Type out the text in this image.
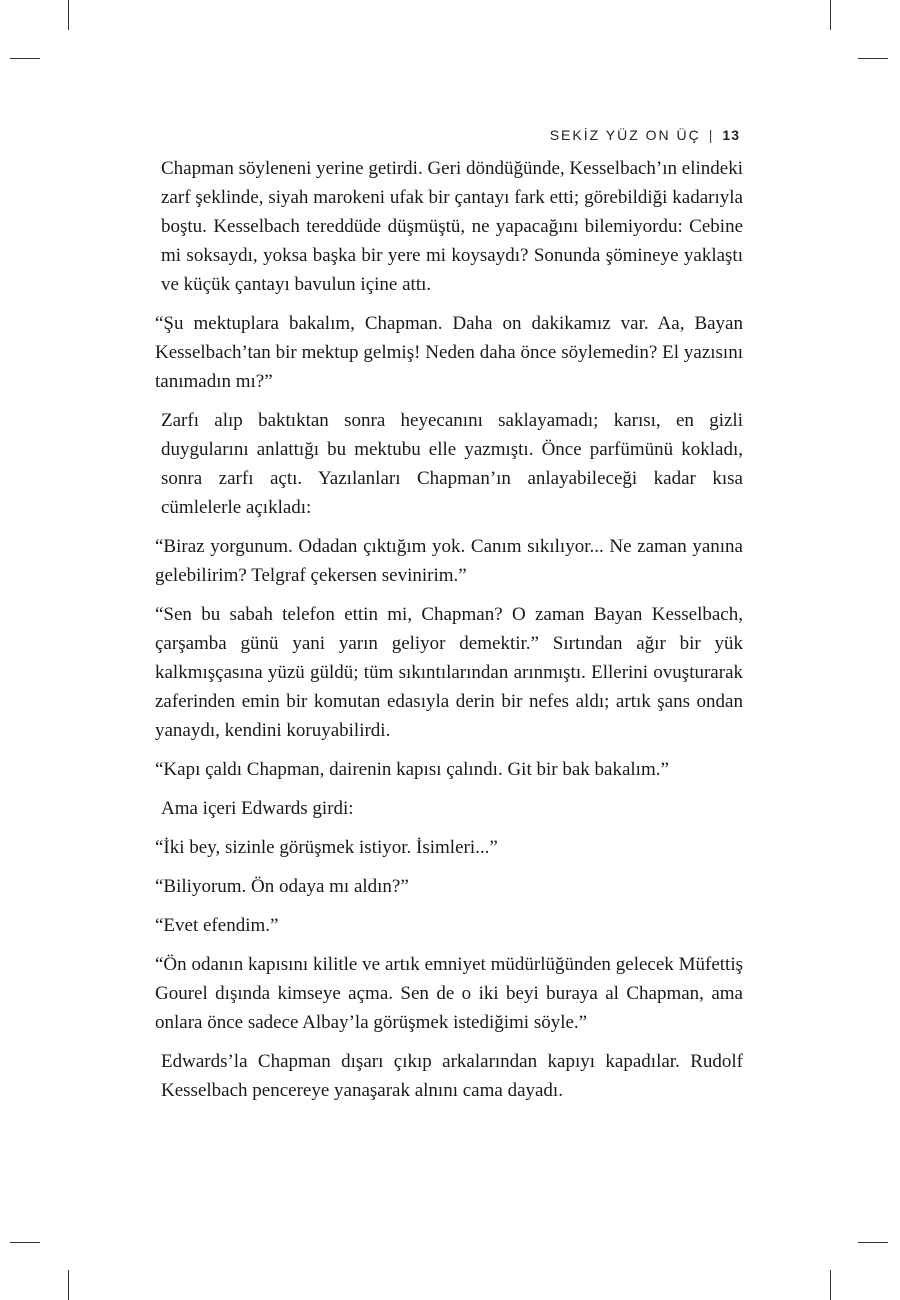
SEKİZ YÜZ ON ÜÇ | 13

Chapman söyleneni yerine getirdi. Geri döndüğünde, Kesselbach’ın elindeki zarf şeklinde, siyah marokeni ufak bir çantayı fark etti; görebildiği kadarıyla boştu. Kesselbach tereddüde düşmüştü, ne yapacağını bilemiyordu: Cebine mi soksaydı, yoksa başka bir yere mi koysaydı? Sonunda şömineye yaklaştı ve küçük çantayı bavulun içine attı.

“Şu mektuplara bakalım, Chapman. Daha on dakikamız var. Aa, Bayan Kesselbach’tan bir mektup gelmiş! Neden daha önce söylemedin? El yazısını tanımadın mı?”

Zarfı alıp baktıktan sonra heyecanını saklayamadı; karısı, en gizli duygularını anlattığı bu mektubu elle yazmıştı. Önce parfümünü kokladı, sonra zarfı açtı. Yazılanları Chapman’ın anlayabileceği kadar kısa cümlelerle açıkladı:

“Biraz yorgunum. Odadan çıktığım yok. Canım sıkılıyor... Ne zaman yanına gelebilirim? Telgraf çekersen sevinirim.”

“Sen bu sabah telefon ettin mi, Chapman? O zaman Bayan Kesselbach, çarşamba günü yani yarın geliyor demektir.” Sırtından ağır bir yük kalkmışçasına yüzü güldü; tüm sıkıntılarından arınmıştı. Ellerini ovuşturarak zaferinden emin bir komutan edasıyla derin bir nefes aldı; artık şans ondan yanaydı, kendini koruyabilirdi.

“Kapı çaldı Chapman, dairenin kapısı çalındı. Git bir bak bakalım.”

Ama içeri Edwards girdi:

“İki bey, sizinle görüşmek istiyor. İsimleri...”

“Biliyorum. Ön odaya mı aldın?”

“Evet efendim.”

“Ön odanın kapısını kilitle ve artık emniyet müdürlüğünden gelecek Müfettiş Gourel dışında kimseye açma. Sen de o iki beyi buraya al Chapman, ama onlara önce sadece Albay’la görüşmek istediğimi söyle.”

Edwards’la Chapman dışarı çıkıp arkalarından kapıyı kapadılar. Rudolf Kesselbach pencereye yanaşarak alnını cama dayadı.
